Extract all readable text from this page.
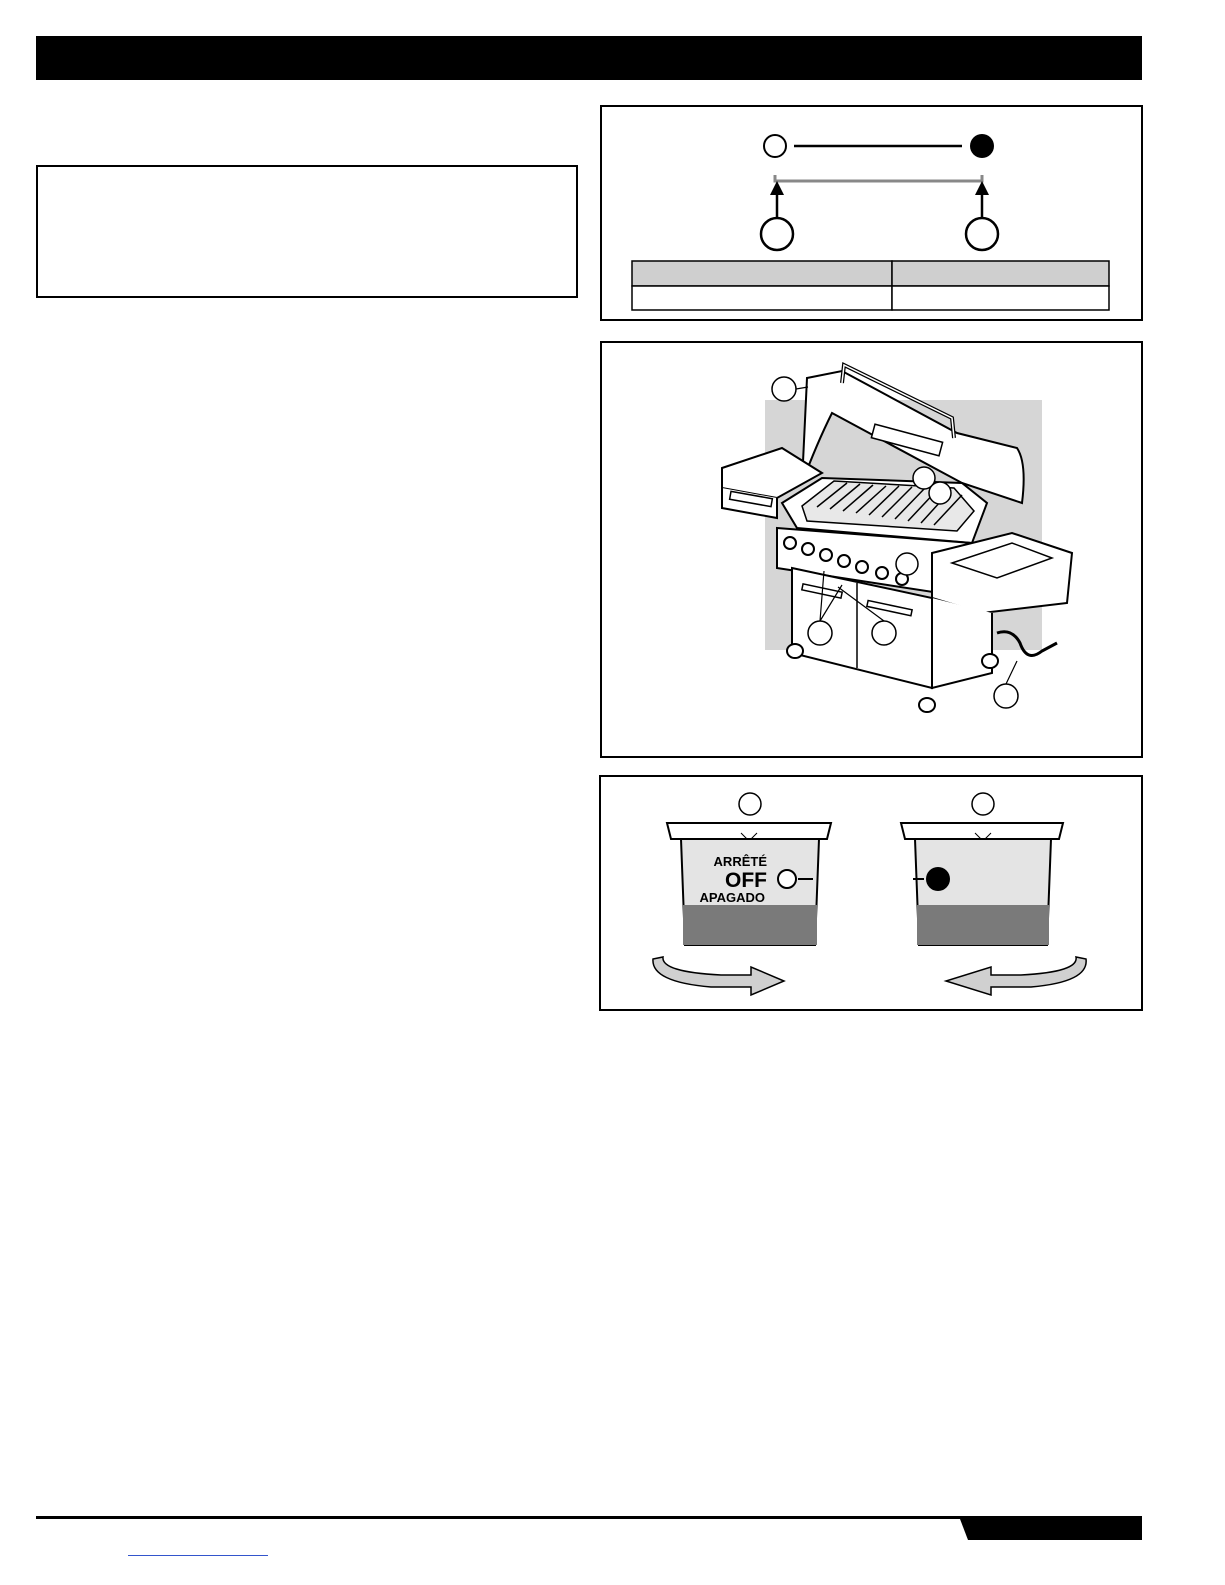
ARRÊTÉ
OFF
APAGADO
